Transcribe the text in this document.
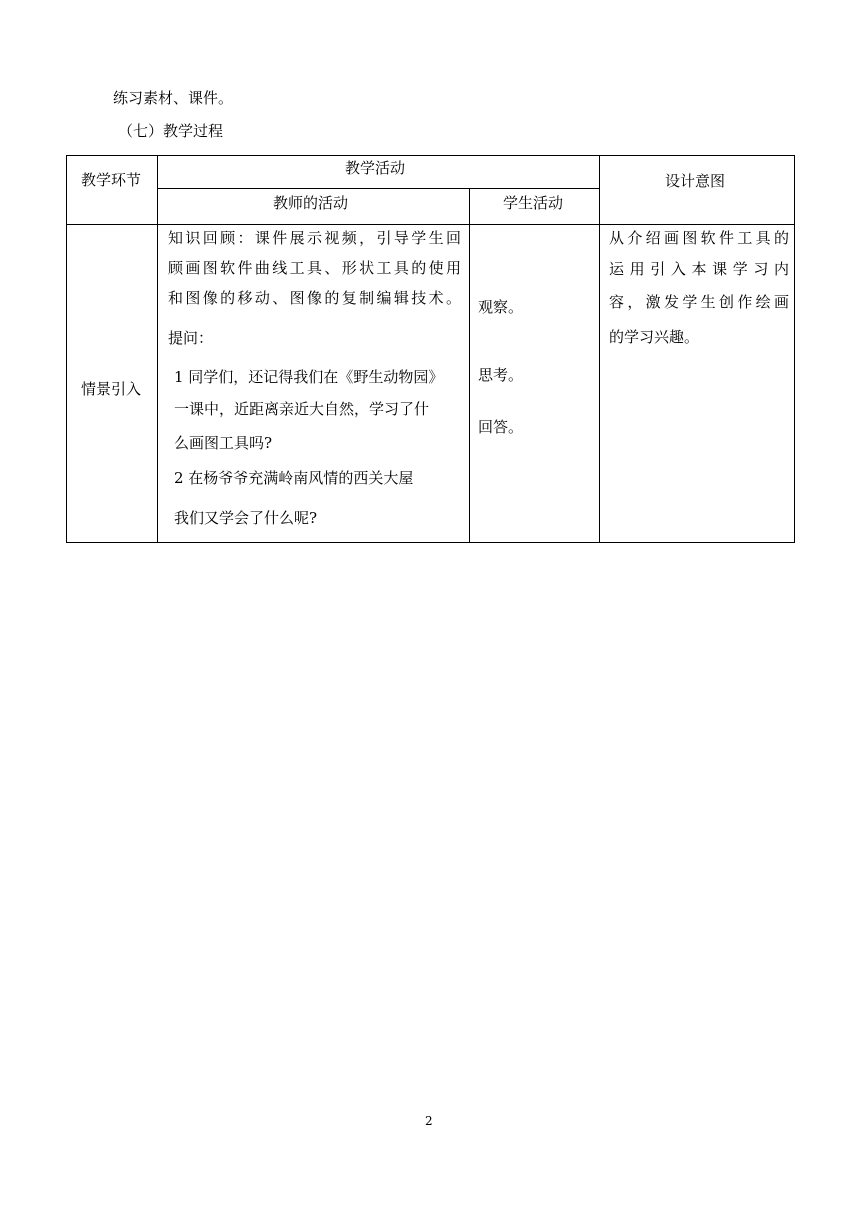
练习素材、课件。
（七）教学过程
教学环节
教学活动
教师的活动	学生活动
设计意图
情景引入
知识回顾：课件展示视频，引导学生回
顾画图软件曲线工具、形状工具的使用
和图像的移动、图像的复制编辑技术。
提问：
1 同学们，还记得我们在《野生动物园》
一课中，近距离亲近大自然，学习了什
么画图工具吗?
2 在杨爷爷充满岭南风情的西关大屋
我们又学会了什么呢?
观察。
思考。
回答。
从介绍画图软件工具的
运用引入本课学习内
容，激发学生创作绘画
的学习兴趣。
2
